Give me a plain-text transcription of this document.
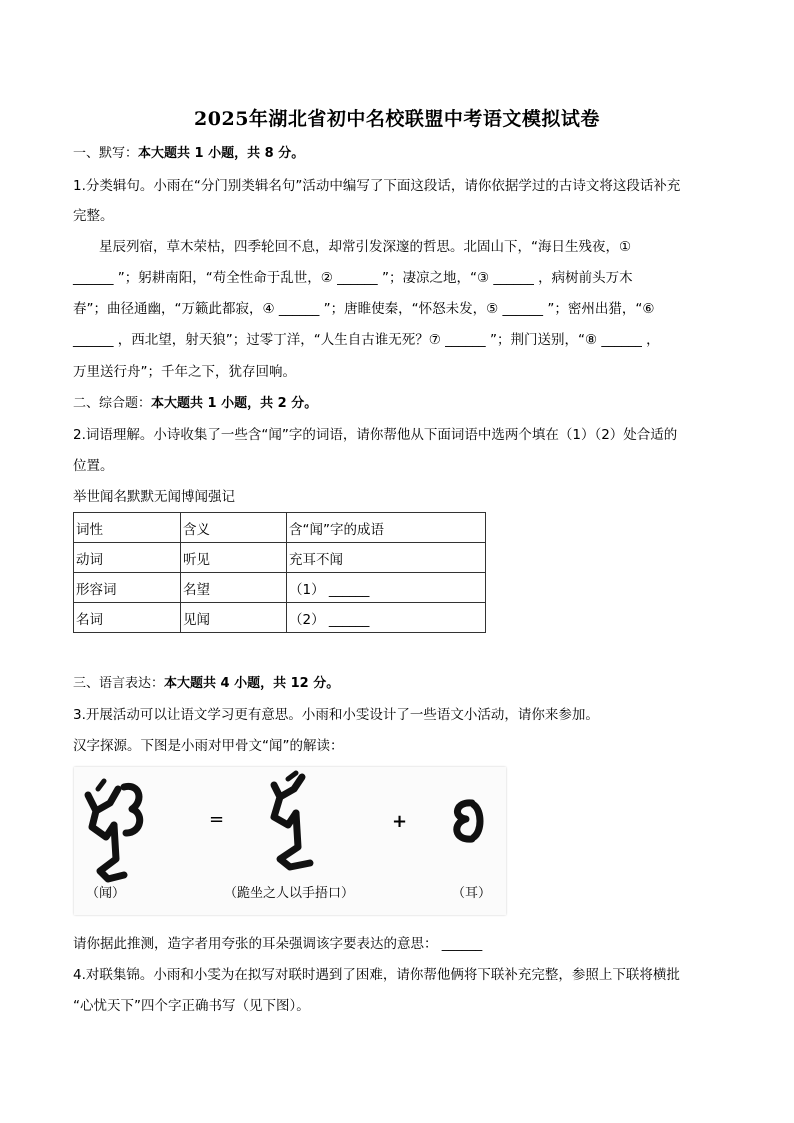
2025年湖北省初中名校联盟中考语文模拟试卷
一、默写：本大题共 1 小题，共 8 分。
1.分类辑句。小雨在“分门别类辑名句”活动中编写了下面这段话，请你依据学过的古诗文将这段话补充
完整。
星辰列宿，草木荣枯，四季轮回不息，却常引发深邃的哲思。北固山下，“海日生残夜，①
______ ”；躬耕南阳，“苟全性命于乱世，② ______ ”；凄凉之地，“③ ______ ，病树前头万木
春”；曲径通幽，“万籁此都寂，④ ______ ”；唐睢使秦，“怀怒未发，⑤ ______ ”；密州出猎，“⑥
______ ，西北望，射天狼”；过零丁洋，“人生自古谁无死？⑦ ______ ”；荆门送别，“⑧ ______ ，
万里送行舟”；千年之下，犹存回响。
二、综合题：本大题共 1 小题，共 2 分。
2.词语理解。小诗收集了一些含“闻”字的词语，请你帮他从下面词语中选两个填在（1）（2）处合适的
位置。
举世闻名默默无闻博闻强记
词性	含义	含“闻”字的成语
动词	听见	充耳不闻
形容词	名望	（1） ______
名词	见闻	（2） ______
三、语言表达：本大题共 4 小题，共 12 分。
3.开展活动可以让语文学习更有意思。小雨和小雯设计了一些语文小活动，请你来参加。
汉字探源。下图是小雨对甲骨文“闻”的解读：
=	+
（闻）	（跪坐之人以手捂口）	（耳）
请你据此推测，造字者用夸张的耳朵强调该字要表达的意思： ______
4.对联集锦。小雨和小雯为在拟写对联时遇到了困难，请你帮他俩将下联补充完整，参照上下联将横批
“心忧天下”四个字正确书写（见下图）。
